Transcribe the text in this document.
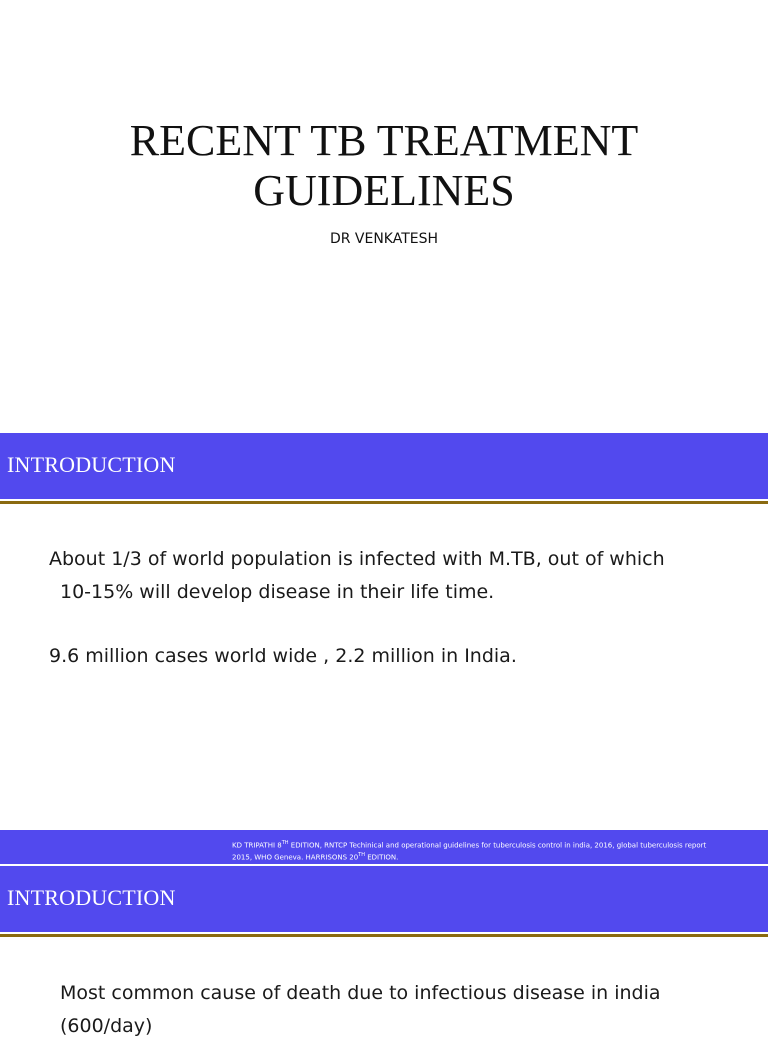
RECENT TB TREATMENT
GUIDELINES
DR VENKATESH
INTRODUCTION
About 1/3 of world population is infected with M.TB, out of which
10-15% will develop disease in their life time.
9.6 million cases world wide , 2.2 million in India.
KD TRIPATHI 8TH EDITION, RNTCP Techinical and operational guidelines for tuberculosis control in india, 2016, global tuberculosis report 2015, WHO Geneva. HARRISONS 20TH EDITION.
INTRODUCTION
Most common cause of death due to infectious disease in india
(600/day)
